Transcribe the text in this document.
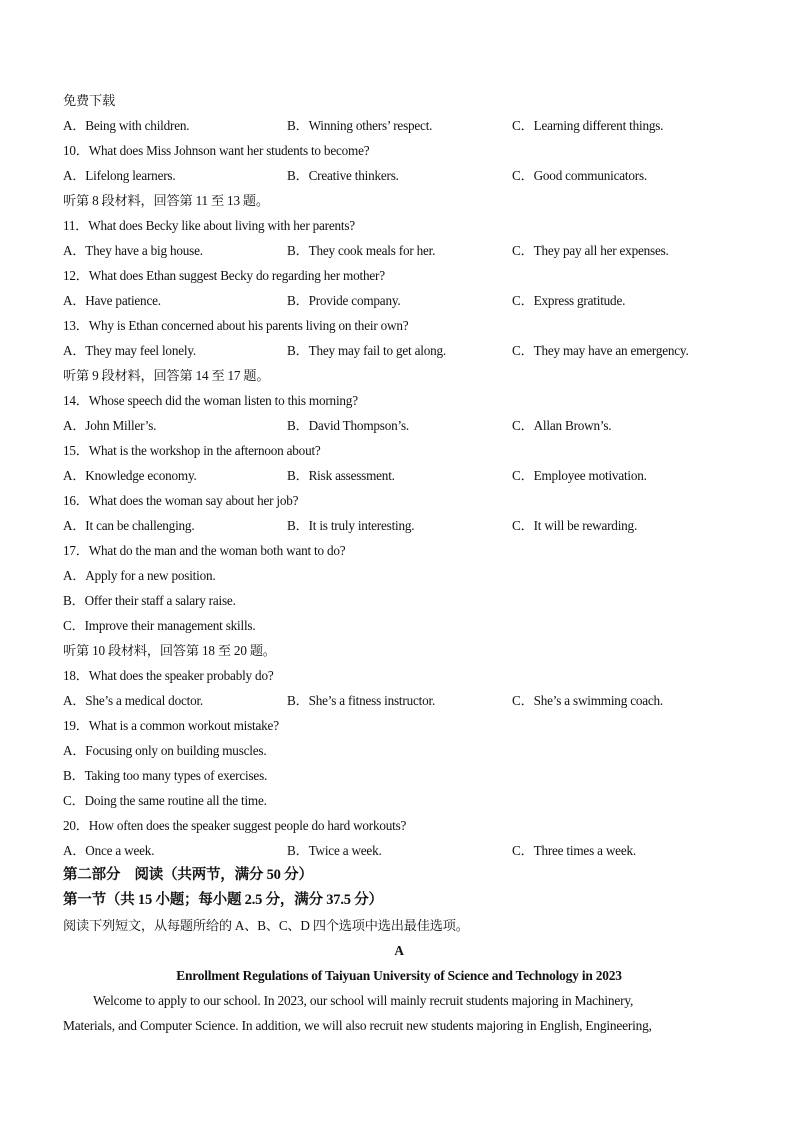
免费下载
A．Being with children.	B．Winning others’ respect.	C．Learning different things.
10．What does Miss Johnson want her students to become?
A．Lifelong learners.	B．Creative thinkers.	C．Good communicators.
听第 8 段材料，回答第 11 至 13 题。
11．What does Becky like about living with her parents?
A．They have a big house.	B．They cook meals for her.	C．They pay all her expenses.
12．What does Ethan suggest Becky do regarding her mother?
A．Have patience.	B．Provide company.	C．Express gratitude.
13．Why is Ethan concerned about his parents living on their own?
A．They may feel lonely.	B．They may fail to get along.	C．They may have an emergency.
听第 9 段材料，回答第 14 至 17 题。
14．Whose speech did the woman listen to this morning?
A．John Miller’s.	B．David Thompson’s.	C．Allan Brown’s.
15．What is the workshop in the afternoon about?
A．Knowledge economy.	B．Risk assessment.	C．Employee motivation.
16．What does the woman say about her job?
A．It can be challenging.	B．It is truly interesting.	C．It will be rewarding.
17．What do the man and the woman both want to do?
A．Apply for a new position.
B．Offer their staff a salary raise.
C．Improve their management skills.
听第 10 段材料，回答第 18 至 20 题。
18．What does the speaker probably do?
A．She’s a medical doctor.	B．She’s a fitness instructor.	C．She’s a swimming coach.
19．What is a common workout mistake?
A．Focusing only on building muscles.
B．Taking too many types of exercises.
C．Doing the same routine all the time.
20．How often does the speaker suggest people do hard workouts?
A．Once a week.	B．Twice a week.	C．Three times a week.
第二部分　阅读（共两节，满分 50 分）
第一节（共 15 小题；每小题 2.5 分，满分 37.5 分）
阅读下列短文，从每题所给的 A、B、C、D 四个选项中选出最佳选项。
A
Enrollment Regulations of Taiyuan University of Science and Technology in 2023
Welcome to apply to our school. In 2023, our school will mainly recruit students majoring in Machinery,
Materials, and Computer Science. In addition, we will also recruit new students majoring in English, Engineering,
